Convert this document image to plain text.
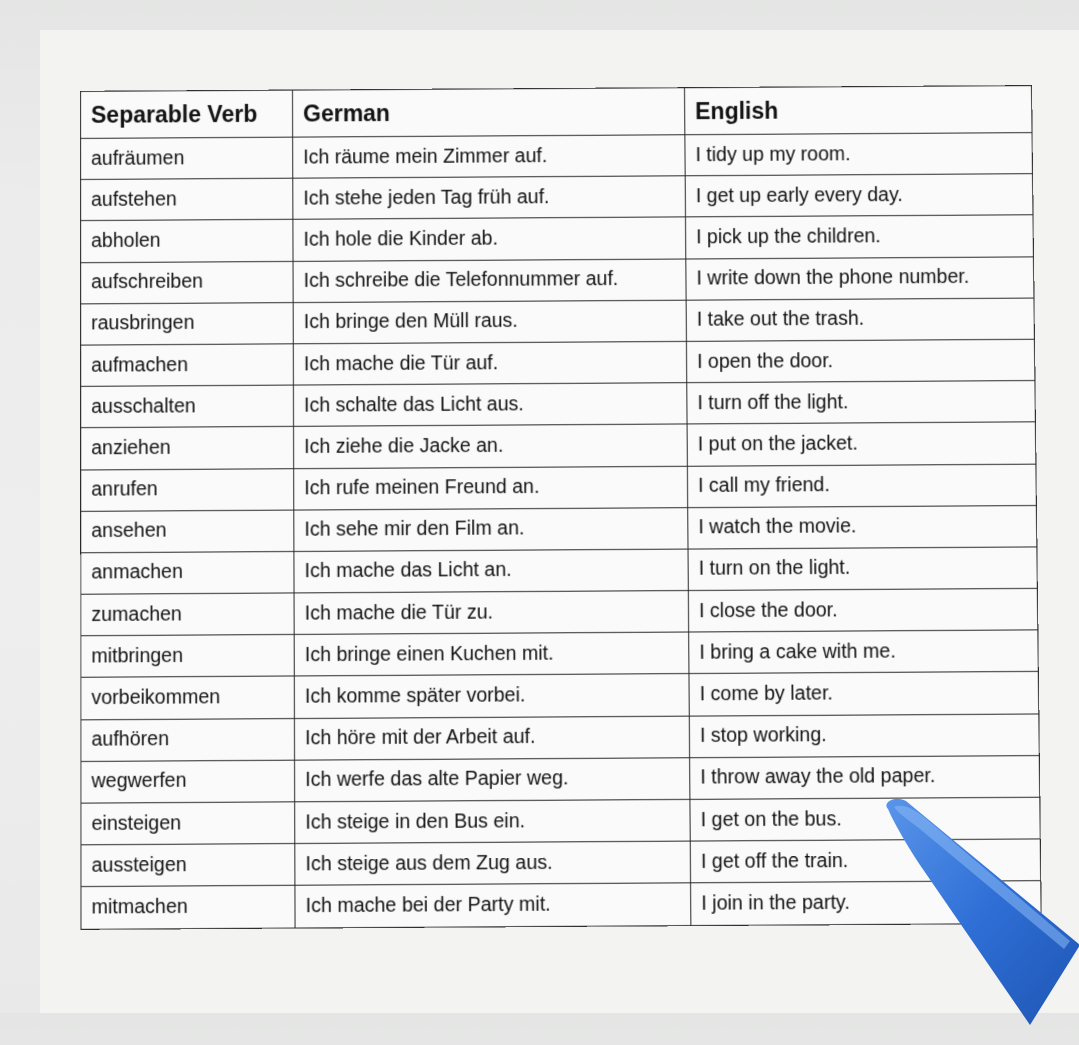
Separable Verb	German	English
aufräumen	Ich räume mein Zimmer auf.	I tidy up my room.
aufstehen	Ich stehe jeden Tag früh auf.	I get up early every day.
abholen	Ich hole die Kinder ab.	I pick up the children.
aufschreiben	Ich schreibe die Telefonnummer auf.	I write down the phone number.
rausbringen	Ich bringe den Müll raus.	I take out the trash.
aufmachen	Ich mache die Tür auf.	I open the door.
ausschalten	Ich schalte das Licht aus.	I turn off the light.
anziehen	Ich ziehe die Jacke an.	I put on the jacket.
anrufen	Ich rufe meinen Freund an.	I call my friend.
ansehen	Ich sehe mir den Film an.	I watch the movie.
anmachen	Ich mache das Licht an.	I turn on the light.
zumachen	Ich mache die Tür zu.	I close the door.
mitbringen	Ich bringe einen Kuchen mit.	I bring a cake with me.
vorbeikommen	Ich komme später vorbei.	I come by later.
aufhören	Ich höre mit der Arbeit auf.	I stop working.
wegwerfen	Ich werfe das alte Papier weg.	I throw away the old paper.
einsteigen	Ich steige in den Bus ein.	I get on the bus.
aussteigen	Ich steige aus dem Zug aus.	I get off the train.
mitmachen	Ich mache bei der Party mit.	I join in the party.
